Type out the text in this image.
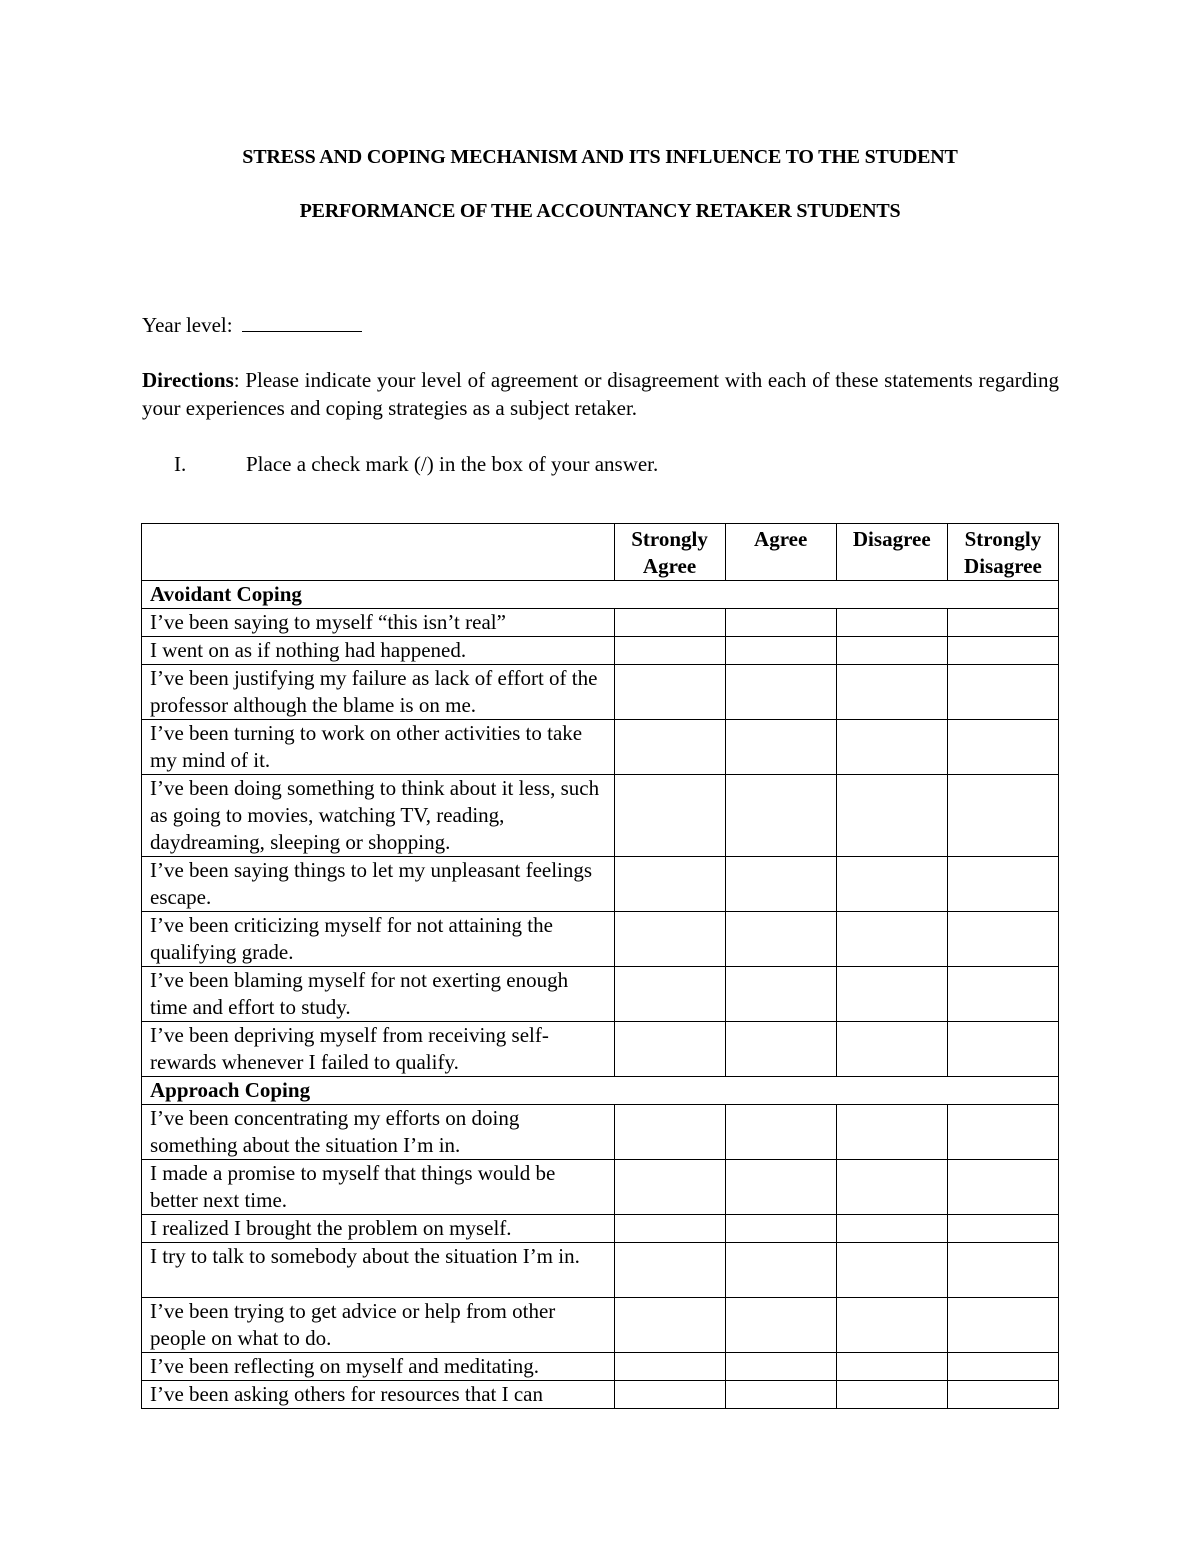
STRESS AND COPING MECHANISM AND ITS INFLUENCE TO THE STUDENT
PERFORMANCE OF THE ACCOUNTANCY RETAKER STUDENTS
Year level:
Directions: Please indicate your level of agreement or disagreement with each of these statements regarding your experiences and coping strategies as a subject retaker.
I.	Place a check mark (/) in the box of your answer.
	Strongly Agree	Agree	Disagree	Strongly Disagree
Avoidant Coping				
I’ve been saying to myself “this isn’t real”				
I went on as if nothing had happened.				
I’ve been justifying my failure as lack of effort of the professor although the blame is on me.				
I’ve been turning to work on other activities to take my mind of it.				
I’ve been doing something to think about it less, such as going to movies, watching TV, reading, daydreaming, sleeping or shopping.				
I’ve been saying things to let my unpleasant feelings escape.				
I’ve been criticizing myself for not attaining the qualifying grade.				
I’ve been blaming myself for not exerting enough time and effort to study.				
I’ve been depriving myself from receiving self-rewards whenever I failed to qualify.				
Approach Coping				
I’ve been concentrating my efforts on doing something about the situation I’m in.				
I made a promise to myself that things would be better next time.				
I realized I brought the problem on myself.				
I try to talk to somebody about the situation I’m in.				
I’ve been trying to get advice or help from other people on what to do.				
I’ve been reflecting on myself and meditating.				
I’ve been asking others for resources that I can				
